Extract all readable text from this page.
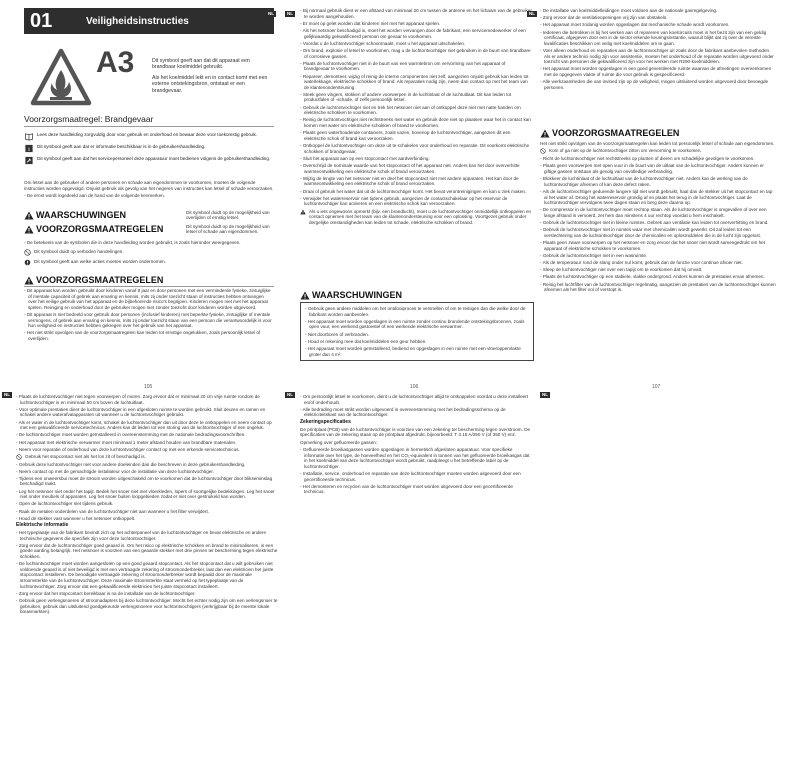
01	Veiligheidsinstructies
NL	NL	NL
NL	NL	NL
A3	Dit symbool geeft aan dat dit apparaat een brandbaar koelmiddel gebruikt.
Als het koelmiddel lekt en in contact komt met een externe ontstekingsbron, ontstaat er een brandgevaar.
Voorzorgsmaatregel: Brandgevaar
Lees deze handleiding zorgvuldig door voor gebruik en onderhoud en bewaar deze voor toekomstig gebruik.
i Dit symbool geeft aan dat er informatie beschikbaar is in de gebruikershandleiding.
Dit symbool geeft aan dat het servicepersoneel deze apparatuur moet bedienen volgens de gebruikershandleiding.

Om letsel aan de gebruiker of andere personen en schade aan eigendommen te voorkomen, moeten de volgende instructies worden opgevolgd. Onjuist gebruik als gevolg van het negeren van instructies kan letsel of schade veroorzaken.

- De ernst wordt ingedeeld aan de hand van de volgende kenmerken.

WAARSCHUWINGEN	Dit symbool duidt op de mogelijkheid van overlijden of ernstig letsel.
VOORZORGSMAATREGELEN	Dit symbool duidt op de mogelijkheid van letsel of schade aan eigendommen.

- De betekenis van de symbolen die in deze handleiding worden gebruikt, is zoals hieronder weergegeven.

Dit symbool duidt op verboden handelingen.
Dit symbool geeft aan welke acties moeten worden ondernomen.
VOORZORGSMAATREGELEN

- Dit apparaat kan worden gebruikt door kinderen vanaf 8 jaar en door personen met een verminderde fysieke, zintuiglijke of mentale capaciteit of gebrek aan ervaring en kennis, mits zij onder toezicht staan of instructies hebben ontvangen over het veilige gebruik van het apparaat en de bijbehorende risico's begrijpen. Kinderen mogen niet met het apparaat spelen. Reiniging en onderhoud door de gebruiker mogen niet zonder toezicht door kinderen worden uitgevoerd.

- Dit apparaat is niet bedoeld voor gebruik door personen (inclusief kinderen) met beperkte fysieke, zintuiglijke of mentale vermogens, of gebrek aan ervaring en kennis, mits zij onder toezicht staan van een persoon die verantwoordelijk is voor hun veiligheid en instructies hebben gekregen over het gebruik van het apparaat.

- Het niet strikt opvolgen van de voorzorgsmaatregelen kan leiden tot ernstige ongelukken, zoals persoonlijk letsel of overlijden.

- Bij normaal gebruik dient er een afstand van minimaal 20 cm tussen de antenne en het lichaam van de gebruiker te worden aangehouden.

- Er moet op gelet worden dat kinderen niet met het apparaat spelen.

- Als het netsnoer beschadigd is, moet het worden vervangen door de fabrikant, een servicemedewerker of een gelijkwaardig gekwalificeerd persoon om gevaar te voorkomen.

- Voordat u de luchtontvochtiger schoonmaakt, moet u het apparaat uitschakelen.

- Om brand, explosie of letsel te voorkomen, mag u de luchtontvochtiger niet gebruiken in de buurt van brandbare of corrosieve gassen.

- Plaats de luchtontvochtiger niet in de buurt van een warmtebron om vervorming van het apparaat of brandgevaar te voorkomen.

- Repareer, demonteer, wijzig of reinig de interne componenten niet zelf, aangezien onjuist gebruik kan leiden tot waterlekkage, elektrische schokken of brand. Als reparaties nodig zijn, neem dan contact op met het team van de klantenondersteuning.

- Steek geen vingers, stokken of andere voorwerpen in de luchtinlaat of de luchtuitlaat. Dit kan leiden tot productfalen of -schade, of zelfs persoonlijk letsel.

- Gebruik de luchtontvochtiger niet en trek het netsnoer niet aan of ontkoppel deze niet met natte handen om elektrische schokken te voorkomen.

- Reinig de luchtontvochtiger niet rechtstreeks met water en gebruik deze niet op plaatsen waar het in contact kan komen met water om elektrische schokken of brand te voorkomen.

- Plaats geen waterhoudende containers, zoals vazen, bovenop de luchtontvochtiger, aangezien dit een elektrische schok of brand kan veroorzaken.

- Ontkoppel de luchtontvochtiger om deze uit te schakelen voor onderhoud en reparatie. Dit voorkomt elektrische schokken of brandgevaar.

- Sluit het apparaat aan op een stopcontact met aardverbinding.

- Overschrijd de nominale waarde van het stopcontact of het apparaat niet. Anders kan het door oververhitte warmteontwikkeling een elektrische schok of brand veroorzaken.

- Wijzig de lengte van het netsnoer niet en deel het stopcontact niet met andere apparaten. Het kan door de warmteontwikkeling een elektrische schok of brand veroorzaken.

- Draai of gebruik het water dat uit de luchtontvochtiger komt. Het bevat verontreinigingen en kan u ziek maken.

- Verwijder het waterreservoir niet tijdens gebruik, aangezien de contactschakelaar op het reservoir de luchtontvochtiger kan activeren en een elektrische schok kan veroorzaken.

Als u iets ongewoons opmerkt (bijv. een brandlucht), moet u de luchtontvochtiger onmiddellijk ontkoppelen en contact opnemen met het team van de klantenondersteuning voor een oplossing. Voortgezet gebruik onder dergelijke omstandigheden kan leiden tot schade, elektrische schokken of brand.
WAARSCHUWINGEN

- Gebruik geen andere middelen om het ontdooiproces te versnellen of om te reinigen dan die welke door de fabrikant worden aanbevolen.

- Het apparaat moet worden opgeslagen in een ruimte zonder continu brandende ontstekingsbronnen, zoals open vuur, een werkend gastoestel of een werkende elektrische verwarmer.

- Niet doorboren of verbranden.

- Houd er rekening mee dat koelmiddelen een geur hebben.

- Het apparaat moet worden geïnstalleerd, bediend en opgeslagen in een ruimte met een vloeroppervlakte groter dan 4 m².

- De installatie van koelmiddelleidingen moet voldoen aan de nationale gasregelgeving.

- Zorg ervoor dat de ventilatieopeningen vrij zijn van obstakels.

- Het apparaat moet zodanig worden opgeslagen dat mechanische schade wordt voorkomen.

- Iedereen die betrokken is bij het werken aan of repareren van koelcircuits moet in het bezit zijn van een geldig certificaat, afgegeven door een in de sector erkende keuringsinstantie, waaruit blijkt dat zij over de vereiste kwalificaties beschikken om veilig met koelmiddelen om te gaan.

- Voer alleen onderhoud en reparaties aan de luchtontvochtiger uit zoals door de fabrikant aanbevolen methoden. Als er andere technici nodig zijn voor assistentie, moeten het onderhoud of de reparatie worden uitgevoerd onder toezicht van personen die gekwalificeerd zijn voor het werken met R290-koelmiddelen.

- Het apparaat moet worden opgeslagen in een goed geventileerde ruimte waarvan de afmetingen overeenkomen met de opgegeven vlakte of ruimte die voor gebruik is gespecificeerd.

- Alle werkzaamheden die van invloed zijn op de veiligheid, mogen uitsluitend worden uitgevoerd door bevoegde personen.

VOORZORGSMAATREGELEN

Het niet strikt opvolgen van de voorzorgsmaatregelen kan leiden tot persoonlijk letsel of schade aan eigendommen.

Kom of ga niet op de luchtontvochtiger zitten om vervorming te voorkomen.

- Richt de luchtontvochtiger niet rechtstreeks op planten of dieren om schadelijke gevolgen te voorkomen.

- Plaats geen voorwerpen met open vuur in de buurt van de uitlaat van de luchtontvochtiger. Anders kunnen er giftige gassen ontstaan als gevolg van onvolledige verbranding.

- Blokkeer de luchtinlaat of de luchtuitlaat van de luchtontvochtiger niet. Anders kan de werking van de luchtontvochtiger afnemen of kan deze defect raken.

- Als de luchtontvochtiger gedurende langere tijd niet wordt gebruikt, haal dan de stekker uit het stopcontact en tap al het water af. Droog het waterreservoir grondig af en plaats het terug in de luchtontvochtiger. Laat de luchtontvochtiger vervolgens twee dagen staan en berg deze daarna op.

- De compressor in de luchtontvochtiger moet rechtop staan. Als de luchtontvochtiger is omgevallen of over een lange afstand is vervoerd, zet hem dan minstens 4 uur rechtop voordat u hem inschakelt.

- Gebruik de luchtontvochtiger niet in kleine ruimtes. Gebrek aan ventilatie kan leiden tot oververhitting en brand.

- Gebruik de luchtontvochtiger niet in ruimtes waar met chemicaliën wordt gewerkt. Dit zal leiden tot een verslechtering van de luchtontvochtiger door de chemicaliën en oplosmiddelen die in de lucht zijn opgelost.

- Plaats geen zware voorwerpen op het netsnoer en zorg ervoor dat het snoer niet wordt samengedrukt om het apparaat of elektrische schokken te voorkomen.

- Gebruik de luchtontvochtiger niet in een wasruimte.

- Als de temperatuur rond de slang onder nul komt, gebruik dan de functie voor continue afvoer niet.

- Sleep de luchtontvochtiger niet over een tapijt om te voorkomen dat hij omvalt.

- Plaats de luchtontvochtiger op een stabiele, vlakke ondergrond. Anders kunnen de prestaties ervan afnemen.

- Reinig het luchtfilter van de luchtontvochtiger regelmatig, aangezien de prestaties van de luchtontvochtiger kunnen afnemen als het filter vol of verstopt is.

105	106	107

- Plaats de luchtontvochtiger niet tegen voorwerpen of muren. Zorg ervoor dat er minimaal 20 cm vrije ruimte rondom de luchtontvochtiger is en minimaal 50 cm boven de luchtuitlaat.

- Voor optimale prestaties dient de luchtontvochtiger in een afgesloten ruimte te worden gebruikt. Sluit deuren en ramen en schakel andere waterafvalapparaten uit wanneer u de luchtontvochtiger gebruikt.

- Als er water in de luchtontvochtiger komt, schakel de luchtontvochtiger dan uit door deze te ontkoppelen en neem contact op met een gekwalificeerde servicetechnicus. Anders kan dit leiden tot een storing van de luchtontvochtiger of een ongeluk.

- De luchtontvochtiger moet worden geïnstalleerd in overeenstemming met de nationale bedradingsvoorschriften.

- Het apparaat met elektrische verwarmer moet minimaal 1 meter afstand houden van brandbare materialen.

- Neem voor reparatie of onderhoud van deze luchtontvochtiger contact op met een erkende servicetechnicus.

Gebruik het stopcontact niet als het los zit of beschadigd is.

- Gebruik deze luchtontvochtiger niet voor andere doeleinden dan die beschreven in deze gebruikershandleiding.

- Neem contact op met de gemachtigde installateur voor de installatie van deze luchtontvochtiger.

- Tijdens een onweersbui moet de stroom worden uitgeschakeld om te voorkomen dat de luchtontvochtiger door blikseminslag beschadigd raakt.

- Leg het netsnoer niet onder het tapijt. Bedek het snoer niet met vloerkleden, lopers of soortgelijke bedekkingen. Leg het snoer niet onder meubels of apparaten. Leg het snoer buiten loopgebieden zodat er niet over gestruikeld kan worden.

- Open de luchtontvochtiger niet tijdens gebruik.

- Raak de metalen onderdelen van de luchtontvochtiger niet aan wanneer u het filter verwijdert.

- Houd de stekker vast wanneer u het netsnoer ontkoppelt.

Elektrische informatie

- Het typeplaatje van de fabrikant bevindt zich op het achterpaneel van de luchtontvochtiger en bevat elektrische en andere technische gegevens die specifiek zijn voor deze luchtontvochtiger.

- Zorg ervoor dat de luchtontvochtiger goed geaard is. Om het risico op elektrische schokken en brand te minimaliseren, is een goede aarding belangrijk. Het netsnoer is voorzien van een geaarde stekker met drie pinnen ter bescherming tegen elektrische schokken.

- De luchtontvochtiger moet worden aangesloten op een goed geaard stopcontact. Als het stopcontact dat u wilt gebruiken niet voldoende geaard is of niet beveiligd is met een vertraagde zekering of stroomonderbreker, laat dan een elektricien het juiste stopcontact installeren. De benodigde vertraagde zekering of stroomonderbreker wordt bepaald door de maximale stroomsterkte van de luchtontvochtiger. Deze maximale stroomsterkte staat vermeld op het typeplaatje van de luchtontvochtiger. Zorg ervoor dat een gekwalificeerde elektricien het juiste stopcontact installeert.

- Zorg ervoor dat het stopcontact bereikbaar is na de installatie van de luchtontvochtiger.

- Gebruik geen verlengsnoeren of stroomadapters bij deze luchtontvochtiger. Mocht het echter nodig zijn om een verlengsnoer te gebruiken, gebruik dan uitsluitend goedgekeurde verlengsnoeren voor luchtontvochtigers (verkrijgbaar bij de meeste lokale bouwmarkten).

- Om persoonlijk letsel te voorkomen, dient u de luchtontvochtiger altijd te ontkoppelen voordat u deze installeert en/of onderhoudt.

- Alle bedrading moet strikt worden uitgevoerd in overeenstemming met het bedradingsschema op de elektriciteitskast van de luchtontvochtiger.

Zekeringspecificaties

De printplaat (PCB) van de luchtontvochtiger is voorzien van een zekering ter bescherming tegen overstroom. De specificaties van de zekering staan op de printplaat afgedrukt, bijvoorbeeld: T 3.15 A/250 V (of 350 V) enz.

Opmerking over gefluoreerde gassen:

- Gefluoreerde broeikasgassen worden opgeslagen in hermetisch afgesloten apparatuur. Voor specifieke informatie over het type, de hoeveelheid en het CO₂-equivalent in tonnen van het gefluoreerde broeikasgas dat in het koelmiddel van deze luchtontvochtiger wordt gebruikt, raadpleegt u het betreffende label op de luchtontvochtiger.

- Installatie, service, onderhoud en reparatie van deze luchtontvochtiger moeten worden uitgevoerd door een gecertificeerde technicus.

- Het demonteren en recyclen van de luchtontvochtiger moet worden uitgevoerd door een gecertificeerde technicus.
